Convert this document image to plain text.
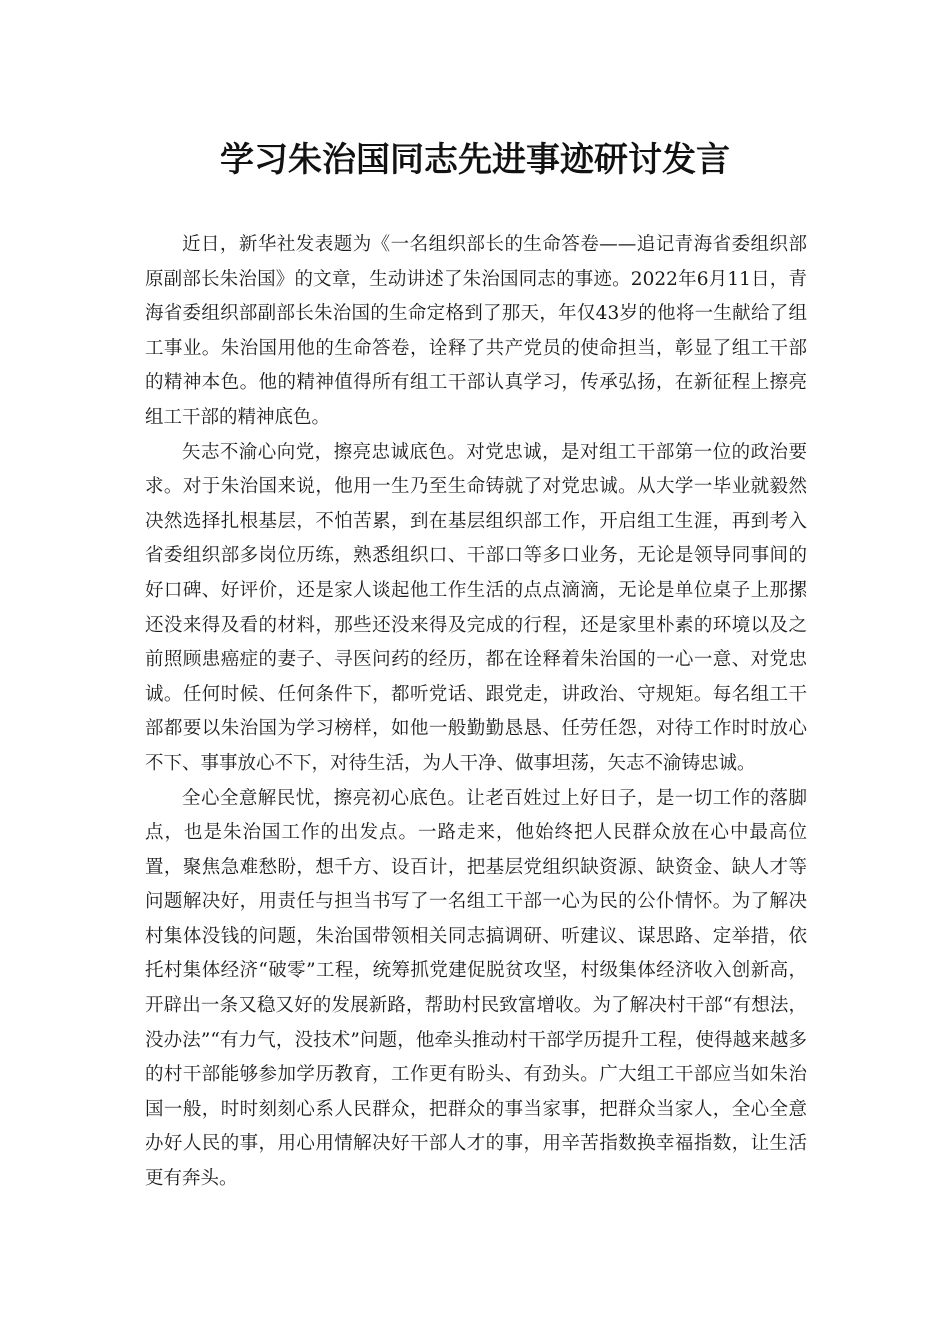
学习朱治国同志先进事迹研讨发言

近日，新华社发表题为《一名组织部长的生命答卷——追记青海省委组织部原副部长朱治国》的文章，生动讲述了朱治国同志的事迹。2022年6月11日，青海省委组织部副部长朱治国的生命定格到了那天，年仅43岁的他将一生献给了组工事业。朱治国用他的生命答卷，诠释了共产党员的使命担当，彰显了组工干部的精神本色。他的精神值得所有组工干部认真学习，传承弘扬，在新征程上擦亮组工干部的精神底色。

矢志不渝心向党，擦亮忠诚底色。对党忠诚，是对组工干部第一位的政治要求。对于朱治国来说，他用一生乃至生命铸就了对党忠诚。从大学一毕业就毅然决然选择扎根基层，不怕苦累，到在基层组织部工作，开启组工生涯，再到考入省委组织部多岗位历练，熟悉组织口、干部口等多口业务，无论是领导同事间的好口碑、好评价，还是家人谈起他工作生活的点点滴滴，无论是单位桌子上那摞还没来得及看的材料，那些还没来得及完成的行程，还是家里朴素的环境以及之前照顾患癌症的妻子、寻医问药的经历，都在诠释着朱治国的一心一意、对党忠诚。任何时候、任何条件下，都听党话、跟党走，讲政治、守规矩。每名组工干部都要以朱治国为学习榜样，如他一般勤勤恳恳、任劳任怨，对待工作时时放心不下、事事放心不下，对待生活，为人干净、做事坦荡，矢志不渝铸忠诚。

全心全意解民忧，擦亮初心底色。让老百姓过上好日子，是一切工作的落脚点，也是朱治国工作的出发点。一路走来，他始终把人民群众放在心中最高位置，聚焦急难愁盼，想千方、设百计，把基层党组织缺资源、缺资金、缺人才等问题解决好，用责任与担当书写了一名组工干部一心为民的公仆情怀。为了解决村集体没钱的问题，朱治国带领相关同志搞调研、听建议、谋思路、定举措，依托村集体经济“破零”工程，统筹抓党建促脱贫攻坚，村级集体经济收入创新高，开辟出一条又稳又好的发展新路，帮助村民致富增收。为了解决村干部“有想法，没办法”“有力气，没技术”问题，他牵头推动村干部学历提升工程，使得越来越多的村干部能够参加学历教育，工作更有盼头、有劲头。广大组工干部应当如朱治国一般，时时刻刻心系人民群众，把群众的事当家事，把群众当家人，全心全意办好人民的事，用心用情解决好干部人才的事，用辛苦指数换幸福指数，让生活更有奔头。
